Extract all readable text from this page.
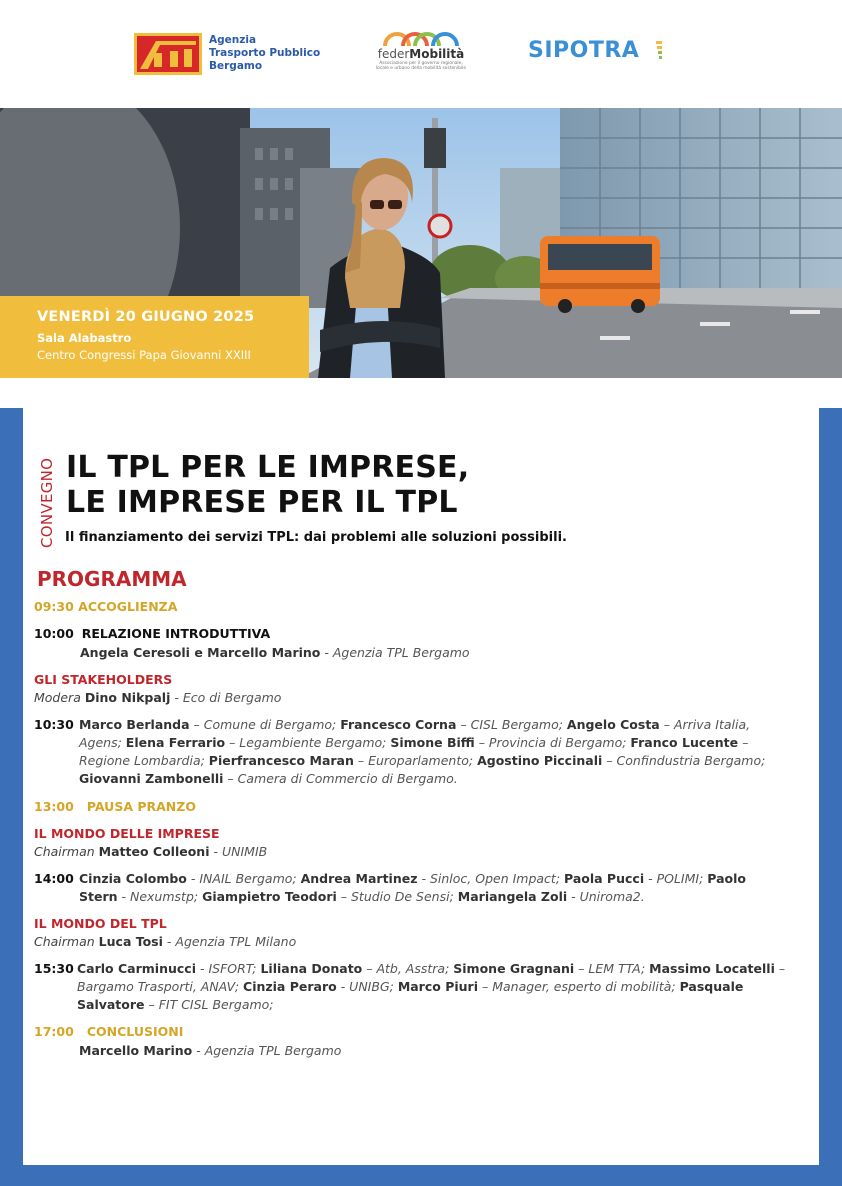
Agenzia
Trasporto Pubblico
Bergamo
federMobilità
Associazione per il governo regionale,
locale e urbano della mobilità sostenibile
SIPOTRA
VENERDÌ 20 GIUGNO 2025
Sala Alabastro
Centro Congressi Papa Giovanni XXIII
CONVEGNO IL TPL PER LE IMPRESE,
LE IMPRESE PER IL TPL
Il finanziamento dei servizi TPL: dai problemi alle soluzioni possibili.
PROGRAMMA
09:30 ACCOGLIENZA
10:00 RELAZIONE INTRODUTTIVA
Angela Ceresoli e Marcello Marino - Agenzia TPL Bergamo
GLI STAKEHOLDERS
Modera Dino Nikpalj - Eco di Bergamo
10:30 Marco Berlanda – Comune di Bergamo; Francesco Corna – CISL Bergamo; Angelo Costa – Arriva Italia, Agens; Elena Ferrario – Legambiente Bergamo; Simone Biffi – Provincia di Bergamo; Franco Lucente – Regione Lombardia; Pierfrancesco Maran – Europarlamento; Agostino Piccinali – Confindustria Bergamo; Giovanni Zambonelli – Camera di Commercio di Bergamo.
13:00 PAUSA PRANZO
IL MONDO DELLE IMPRESE
Chairman Matteo Colleoni - UNIMIB
14:00 Cinzia Colombo - INAIL Bergamo; Andrea Martinez - Sinloc, Open Impact; Paola Pucci - POLIMI; Paolo Stern - Nexumstp; Giampietro Teodori – Studio De Sensi; Mariangela Zoli - Uniroma2.
IL MONDO DEL TPL
Chairman Luca Tosi - Agenzia TPL Milano
15:30 Carlo Carminucci - ISFORT; Liliana Donato – Atb, Asstra; Simone Gragnani – LEM TTA; Massimo Locatelli – Bargamo Trasporti, ANAV; Cinzia Peraro - UNIBG; Marco Piuri – Manager, esperto di mobilità; Pasquale Salvatore – FIT CISL Bergamo;
17:00 CONCLUSIONI
Marcello Marino - Agenzia TPL Bergamo
